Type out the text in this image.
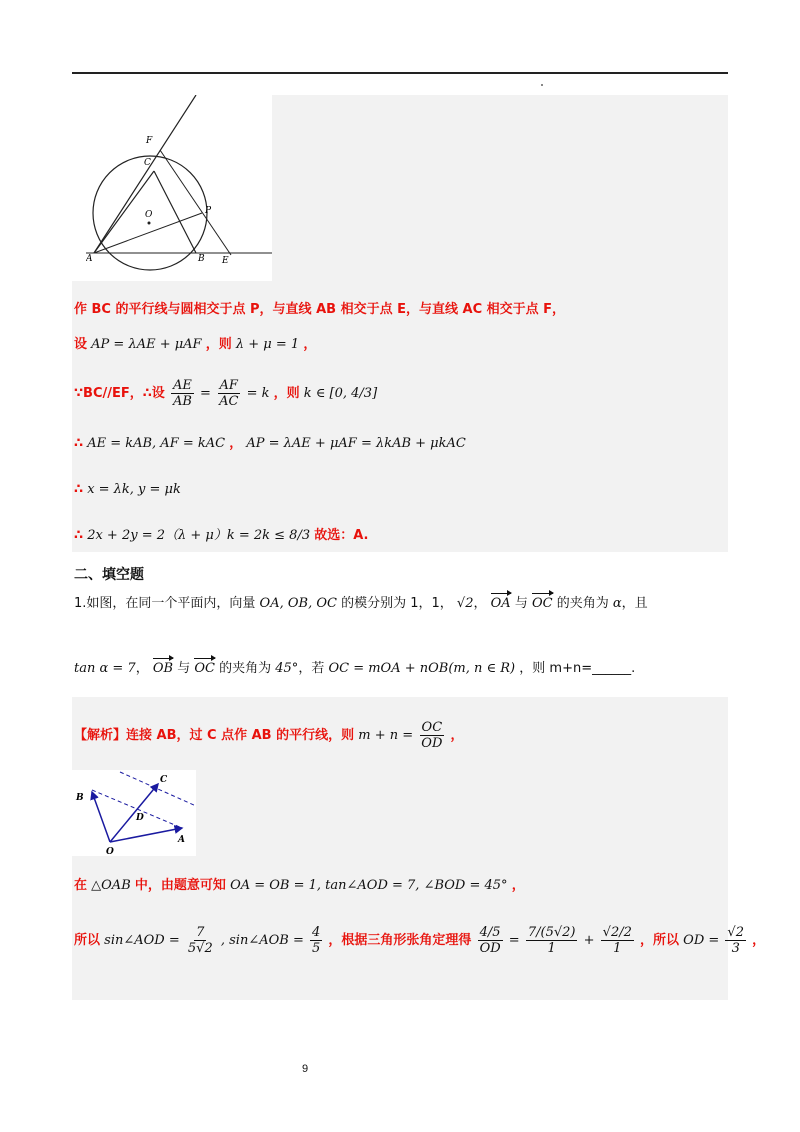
F
C
O	P
A	B E
作 BC 的平行线与圆相交于点 P，与直线 AB 相交于点 E，与直线 AC 相交于点 F，
设 AP = λAE + μAF ，则 λ + μ = 1 ，
∵BC//EF，∴设 $\frac{AE}{AB} = \frac{AF}{AC} = k$ ，则 k ∈ [0, 4/3]
∴ AE = kAB, AF = kAC ， AP = λAE + μAF = λkAB + μkAC
∴ x = λk, y = μk
∴ 2x + 2y = 2（λ + μ）k = 2k ≤ 8/3 故选：A.
二、填空题
1.如图，在同一个平面内，向量 OA, OB, OC 的模分别为 1，1， √2， OA 与 OC 的夹角为 α，且
tan α = 7， OB 与 OC 的夹角为 45°，若 OC = mOA + nOB(m, n ∈ R) ，则 m+n=______.
【解析】连接 AB，过 C 点作 AB 的平行线，则 $m + n = \frac{OC}{OD}$ ，
C
B
D
O
A
在 △OAB 中，由题意可知 OA = OB = 1, tan∠AOD = 7, ∠BOD = 45° ，
所以 sin∠AOD = $\frac{7}{5√2}$ , sin∠AOB = $\frac{4}{5}$ ，根据三角形张角定理得 $\frac{4/5}{OD} = \frac{7/(5√2)}{1} + \frac{√2/2}{1}$ ，所以 OD = $\frac{√2}{3}$ ，
9
